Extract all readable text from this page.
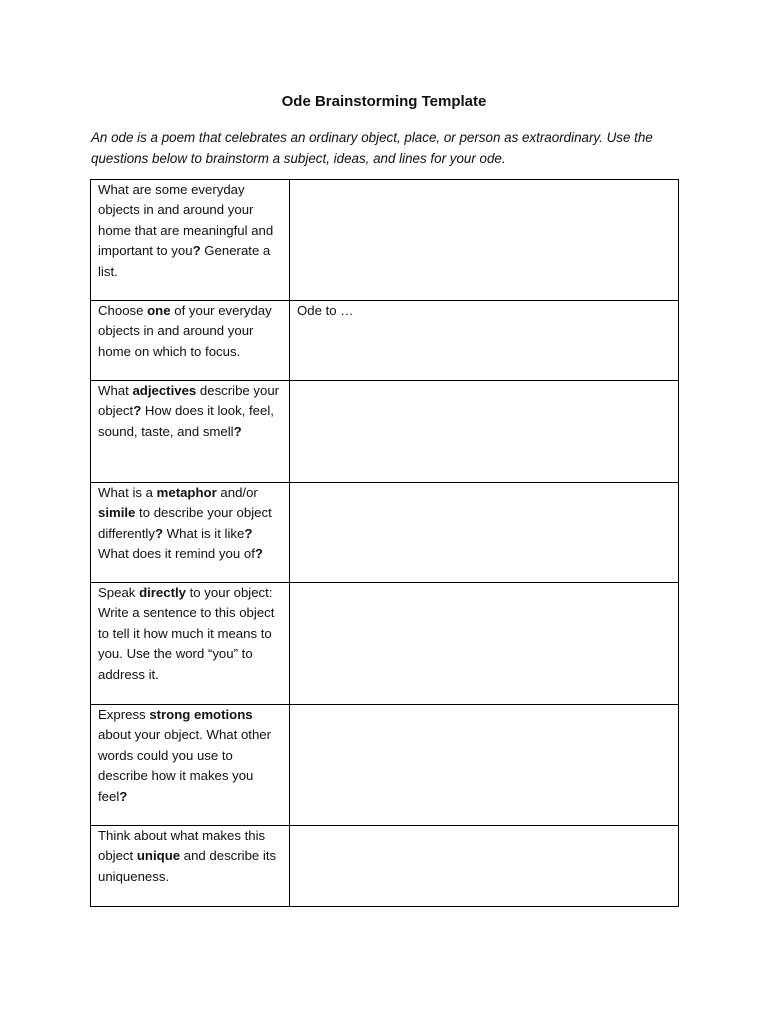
Ode Brainstorming Template
An ode is a poem that celebrates an ordinary object, place, or person as extraordinary. Use the questions below to brainstorm a subject, ideas, and lines for your ode.
What are some everyday objects in and around your home that are meaningful and important to you? Generate a list.	

Choose one of your everyday objects in and around your home on which to focus.	Ode to …

What adjectives describe your object? How does it look, feel, sound, taste, and smell?	

What is a metaphor and/or simile to describe your object differently? What is it like? What does it remind you of?	

Speak directly to your object: Write a sentence to this object to tell it how much it means to you. Use the word “you” to address it.	

Express strong emotions about your object. What other words could you use to describe how it makes you feel?	

Think about what makes this object unique and describe its uniqueness.	
